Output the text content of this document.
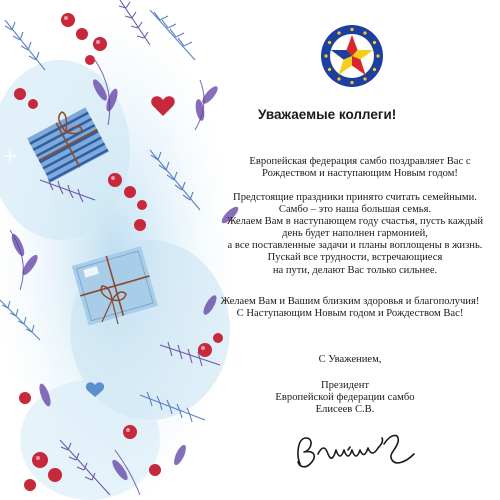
Уважаемые коллеги!
Европейская федерация самбо поздравляет Вас с
Рождеством и наступающим Новым годом!
Предстоящие праздники принято считать семейными.
Самбо – это наша большая семья.
Желаем Вам в наступающем году счастья, пусть каждый
день будет наполнен гармонией,
а все поставленные задачи и планы воплощены в жизнь.
Пускай все трудности, встречающиеся
на пути, делают Вас только сильнее.
Желаем Вам и Вашим близким здоровья и благополучия!
С Наступающим Новым годом и Рождеством Вас!
С Уважением,
Президент
Европейской федерации самбо
Елисеев С.В.
